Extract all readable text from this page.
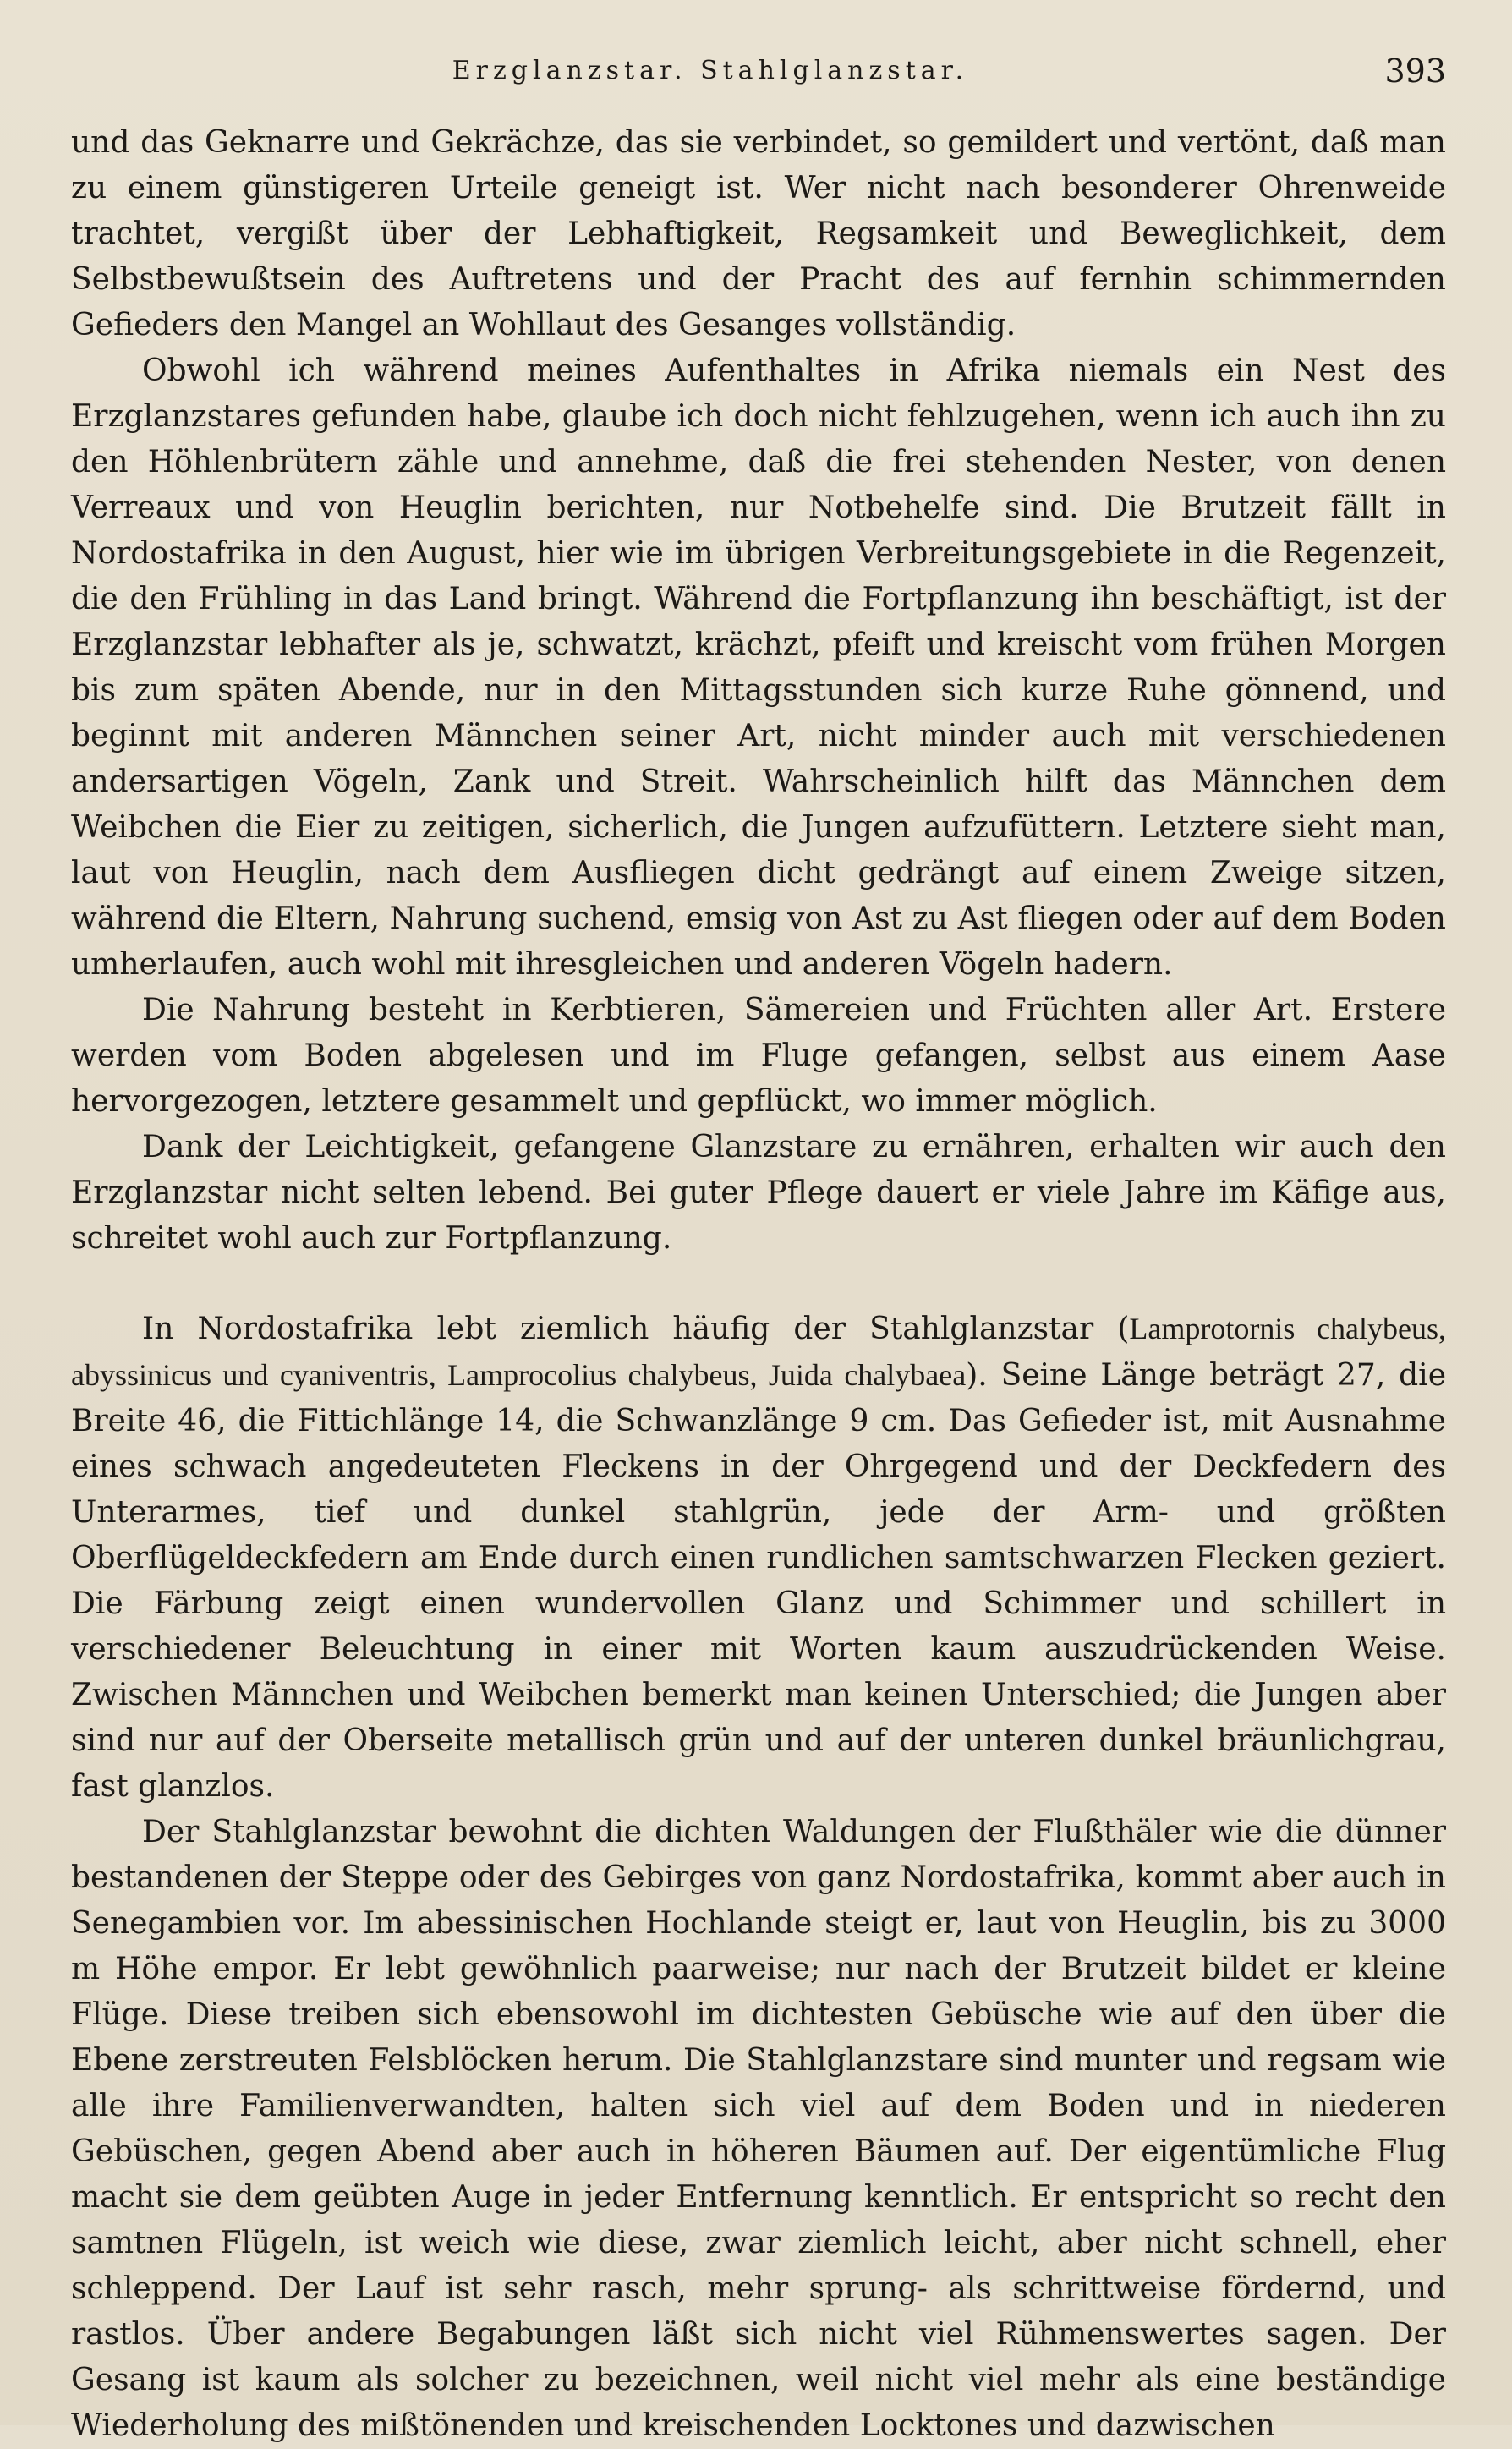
Erzglanzstar. Stahlglanzstar.	393

und das Geknarre und Gekrächze, das sie verbindet, so gemildert und vertönt, daß man zu einem günstigeren Urteile geneigt ist. Wer nicht nach besonderer Ohrenweide trachtet, vergißt über der Lebhaftigkeit, Regsamkeit und Beweglichkeit, dem Selbstbewußtsein des Auftretens und der Pracht des auf fernhin schimmernden Gefieders den Mangel an Wohllaut des Gesanges vollständig.

Obwohl ich während meines Aufenthaltes in Afrika niemals ein Nest des Erzglanzstares gefunden habe, glaube ich doch nicht fehlzugehen, wenn ich auch ihn zu den Höhlenbrütern zähle und annehme, daß die frei stehenden Nester, von denen Verreaux und von Heuglin berichten, nur Notbehelfe sind. Die Brutzeit fällt in Nordostafrika in den August, hier wie im übrigen Verbreitungsgebiete in die Regenzeit, die den Frühling in das Land bringt. Während die Fortpflanzung ihn beschäftigt, ist der Erzglanzstar lebhafter als je, schwatzt, krächzt, pfeift und kreischt vom frühen Morgen bis zum späten Abende, nur in den Mittagsstunden sich kurze Ruhe gönnend, und beginnt mit anderen Männchen seiner Art, nicht minder auch mit verschiedenen andersartigen Vögeln, Zank und Streit. Wahrscheinlich hilft das Männchen dem Weibchen die Eier zu zeitigen, sicherlich, die Jungen aufzufüttern. Letztere sieht man, laut von Heuglin, nach dem Ausfliegen dicht gedrängt auf einem Zweige sitzen, während die Eltern, Nahrung suchend, emsig von Ast zu Ast fliegen oder auf dem Boden umherlaufen, auch wohl mit ihresgleichen und anderen Vögeln hadern.

Die Nahrung besteht in Kerbtieren, Sämereien und Früchten aller Art. Erstere werden vom Boden abgelesen und im Fluge gefangen, selbst aus einem Aase hervorgezogen, letztere gesammelt und gepflückt, wo immer möglich.

Dank der Leichtigkeit, gefangene Glanzstare zu ernähren, erhalten wir auch den Erzglanzstar nicht selten lebend. Bei guter Pflege dauert er viele Jahre im Käfige aus, schreitet wohl auch zur Fortpflanzung.

In Nordostafrika lebt ziemlich häufig der Stahlglanzstar (Lamprotornis chalybeus, abyssinicus und cyaniventris, Lamprocolius chalybeus, Juida chalybaea). Seine Länge beträgt 27, die Breite 46, die Fittichlänge 14, die Schwanzlänge 9 cm. Das Gefieder ist, mit Ausnahme eines schwach angedeuteten Fleckens in der Ohrgegend und der Deckfedern des Unterarmes, tief und dunkel stahlgrün, jede der Arm- und größten Oberflügeldeckfedern am Ende durch einen rundlichen samtschwarzen Flecken geziert. Die Färbung zeigt einen wundervollen Glanz und Schimmer und schillert in verschiedener Beleuchtung in einer mit Worten kaum auszudrückenden Weise. Zwischen Männchen und Weibchen bemerkt man keinen Unterschied; die Jungen aber sind nur auf der Oberseite metallisch grün und auf der unteren dunkel bräunlichgrau, fast glanzlos.

Der Stahlglanzstar bewohnt die dichten Waldungen der Flußthäler wie die dünner bestandenen der Steppe oder des Gebirges von ganz Nordostafrika, kommt aber auch in Senegambien vor. Im abessinischen Hochlande steigt er, laut von Heuglin, bis zu 3000 m Höhe empor. Er lebt gewöhnlich paarweise; nur nach der Brutzeit bildet er kleine Flüge. Diese treiben sich ebensowohl im dichtesten Gebüsche wie auf den über die Ebene zerstreuten Felsblöcken herum. Die Stahlglanzstare sind munter und regsam wie alle ihre Familienverwandten, halten sich viel auf dem Boden und in niederen Gebüschen, gegen Abend aber auch in höheren Bäumen auf. Der eigentümliche Flug macht sie dem geübten Auge in jeder Entfernung kenntlich. Er entspricht so recht den samtnen Flügeln, ist weich wie diese, zwar ziemlich leicht, aber nicht schnell, eher schleppend. Der Lauf ist sehr rasch, mehr sprung- als schrittweise fördernd, und rastlos. Über andere Begabungen läßt sich nicht viel Rühmenswertes sagen. Der Gesang ist kaum als solcher zu bezeichnen, weil nicht viel mehr als eine beständige Wiederholung des mißtönenden und kreischenden Locktones und dazwischen
